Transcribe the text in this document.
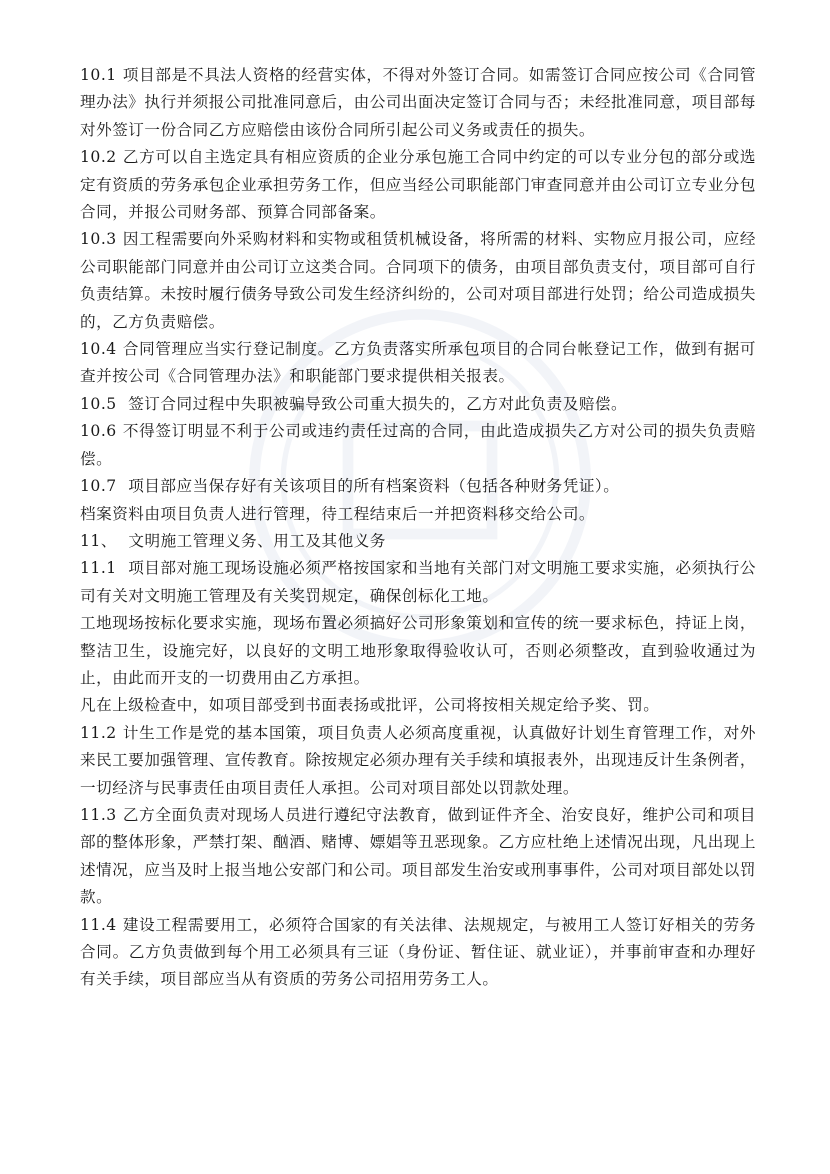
10.1 项目部是不具法人资格的经营实体，不得对外签订合同。如需签订合同应按公司《合同管理办法》执行并须报公司批准同意后，由公司出面决定签订合同与否；未经批准同意，项目部每对外签订一份合同乙方应赔偿由该份合同所引起公司义务或责任的损失。

10.2 乙方可以自主选定具有相应资质的企业分承包施工合同中约定的可以专业分包的部分或选定有资质的劳务承包企业承担劳务工作，但应当经公司职能部门审查同意并由公司订立专业分包合同，并报公司财务部、预算合同部备案。

10.3 因工程需要向外采购材料和实物或租赁机械设备，将所需的材料、实物应月报公司，应经公司职能部门同意并由公司订立这类合同。合同项下的债务，由项目部负责支付，项目部可自行负责结算。未按时履行债务导致公司发生经济纠纷的，公司对项目部进行处罚；给公司造成损失的，乙方负责赔偿。

10.4 合同管理应当实行登记制度。乙方负责落实所承包项目的合同台帐登记工作，做到有据可查并按公司《合同管理办法》和职能部门要求提供相关报表。

10.5 签订合同过程中失职被骗导致公司重大损失的，乙方对此负责及赔偿。

10.6 不得签订明显不利于公司或违约责任过高的合同，由此造成损失乙方对公司的损失负责赔偿。

10.7 项目部应当保存好有关该项目的所有档案资料（包括各种财务凭证）。

档案资料由项目负责人进行管理，待工程结束后一并把资料移交给公司。

11、 文明施工管理义务、用工及其他义务

11.1 项目部对施工现场设施必须严格按国家和当地有关部门对文明施工要求实施，必须执行公司有关对文明施工管理及有关奖罚规定，确保创标化工地。

工地现场按标化要求实施，现场布置必须搞好公司形象策划和宣传的统一要求标色，持证上岗，整洁卫生，设施完好，以良好的文明工地形象取得验收认可，否则必须整改，直到验收通过为止，由此而开支的一切费用由乙方承担。

凡在上级检查中，如项目部受到书面表扬或批评，公司将按相关规定给予奖、罚。

11.2 计生工作是党的基本国策，项目负责人必须高度重视，认真做好计划生育管理工作，对外来民工要加强管理、宣传教育。除按规定必须办理有关手续和填报表外，出现违反计生条例者，一切经济与民事责任由项目责任人承担。公司对项目部处以罚款处理。

11.3 乙方全面负责对现场人员进行遵纪守法教育，做到证件齐全、治安良好，维护公司和项目部的整体形象，严禁打架、酗酒、赌博、嫖娼等丑恶现象。乙方应杜绝上述情况出现，凡出现上述情况，应当及时上报当地公安部门和公司。项目部发生治安或刑事事件，公司对项目部处以罚款。

11.4 建设工程需要用工，必须符合国家的有关法律、法规规定，与被用工人签订好相关的劳务合同。乙方负责做到每个用工必须具有三证（身份证、暂住证、就业证），并事前审查和办理好有关手续，项目部应当从有资质的劳务公司招用劳务工人。
